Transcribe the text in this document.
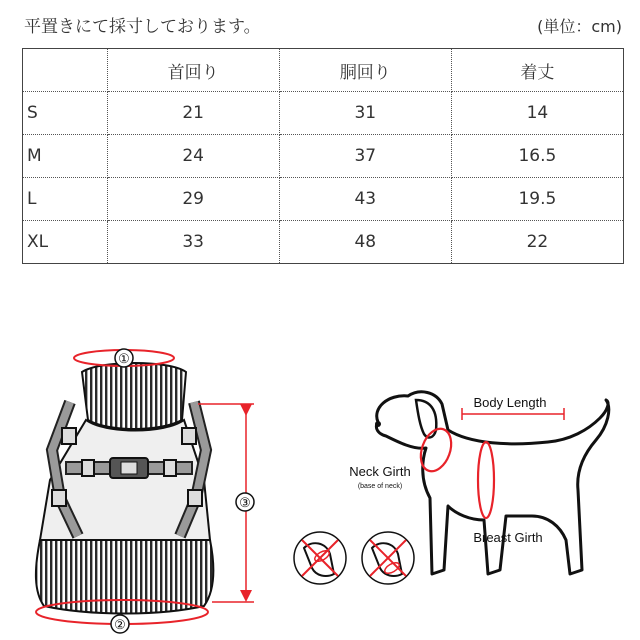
平置きにて採寸しております。	(単位：cm)
	首回り	胴回り	着丈
S	21	31	14
M	24	37	16.5
L	29	43	19.5
XL	33	48	22
①
②
③
Body Length
Neck Girth
(base of neck)
Breast Girth
